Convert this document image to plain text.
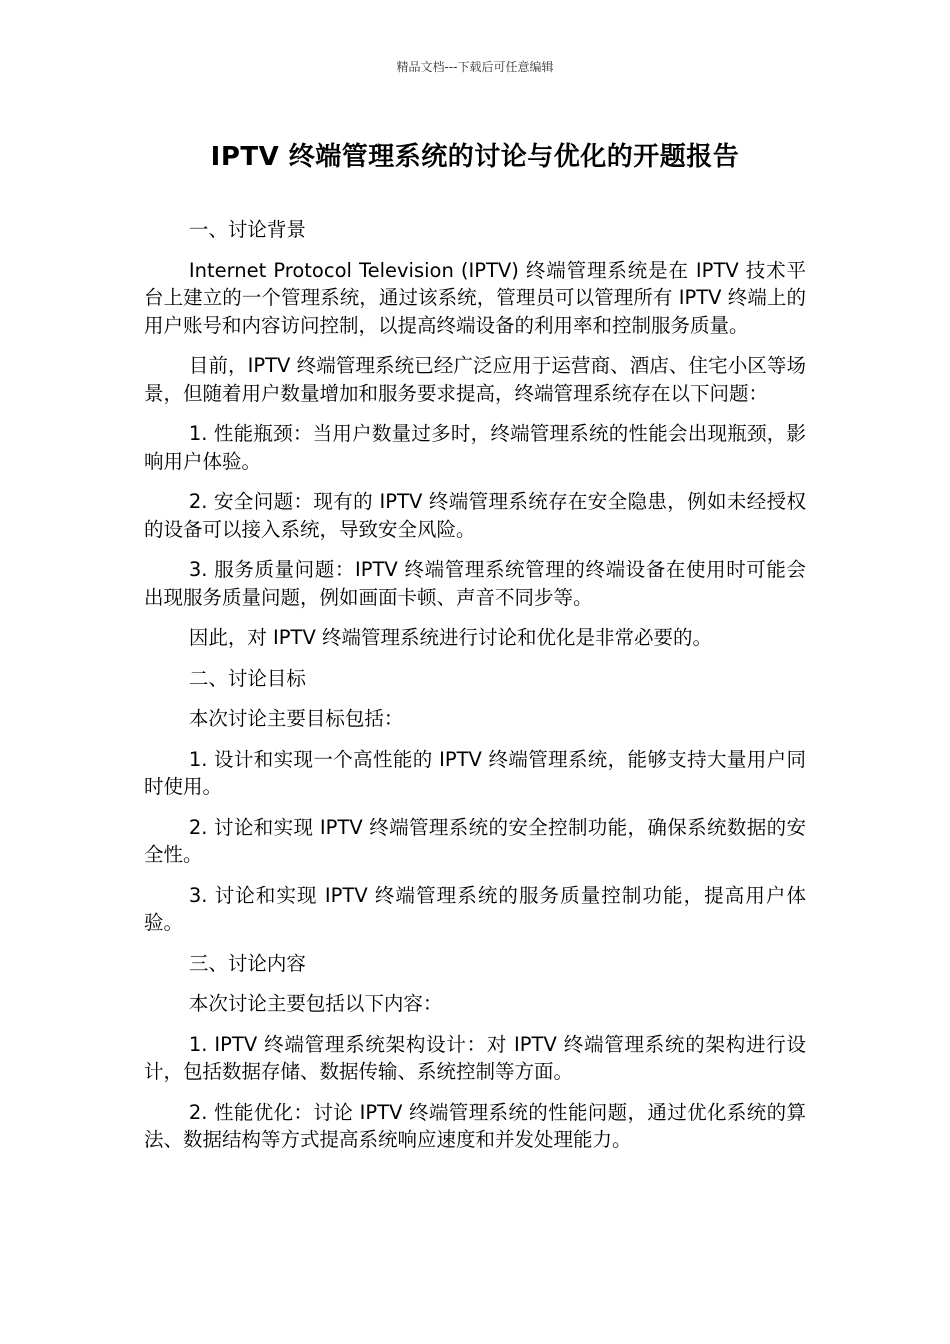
精品文档---下载后可任意编辑
IPTV 终端管理系统的讨论与优化的开题报告

一、讨论背景

Internet Protocol Television (IPTV) 终端管理系统是在 IPTV 技术平台上建立的一个管理系统，通过该系统，管理员可以管理所有 IPTV 终端上的用户账号和内容访问控制，以提高终端设备的利用率和控制服务质量。

目前，IPTV 终端管理系统已经广泛应用于运营商、酒店、住宅小区等场景，但随着用户数量增加和服务要求提高，终端管理系统存在以下问题：

1. 性能瓶颈：当用户数量过多时，终端管理系统的性能会出现瓶颈，影响用户体验。

2. 安全问题：现有的 IPTV 终端管理系统存在安全隐患，例如未经授权的设备可以接入系统，导致安全风险。

3. 服务质量问题：IPTV 终端管理系统管理的终端设备在使用时可能会出现服务质量问题，例如画面卡顿、声音不同步等。

因此，对 IPTV 终端管理系统进行讨论和优化是非常必要的。

二、讨论目标

本次讨论主要目标包括：

1. 设计和实现一个高性能的 IPTV 终端管理系统，能够支持大量用户同时使用。

2. 讨论和实现 IPTV 终端管理系统的安全控制功能，确保系统数据的安全性。

3. 讨论和实现 IPTV 终端管理系统的服务质量控制功能，提高用户体验。

三、讨论内容

本次讨论主要包括以下内容：

1. IPTV 终端管理系统架构设计：对 IPTV 终端管理系统的架构进行设计，包括数据存储、数据传输、系统控制等方面。

2. 性能优化：讨论 IPTV 终端管理系统的性能问题，通过优化系统的算法、数据结构等方式提高系统响应速度和并发处理能力。
